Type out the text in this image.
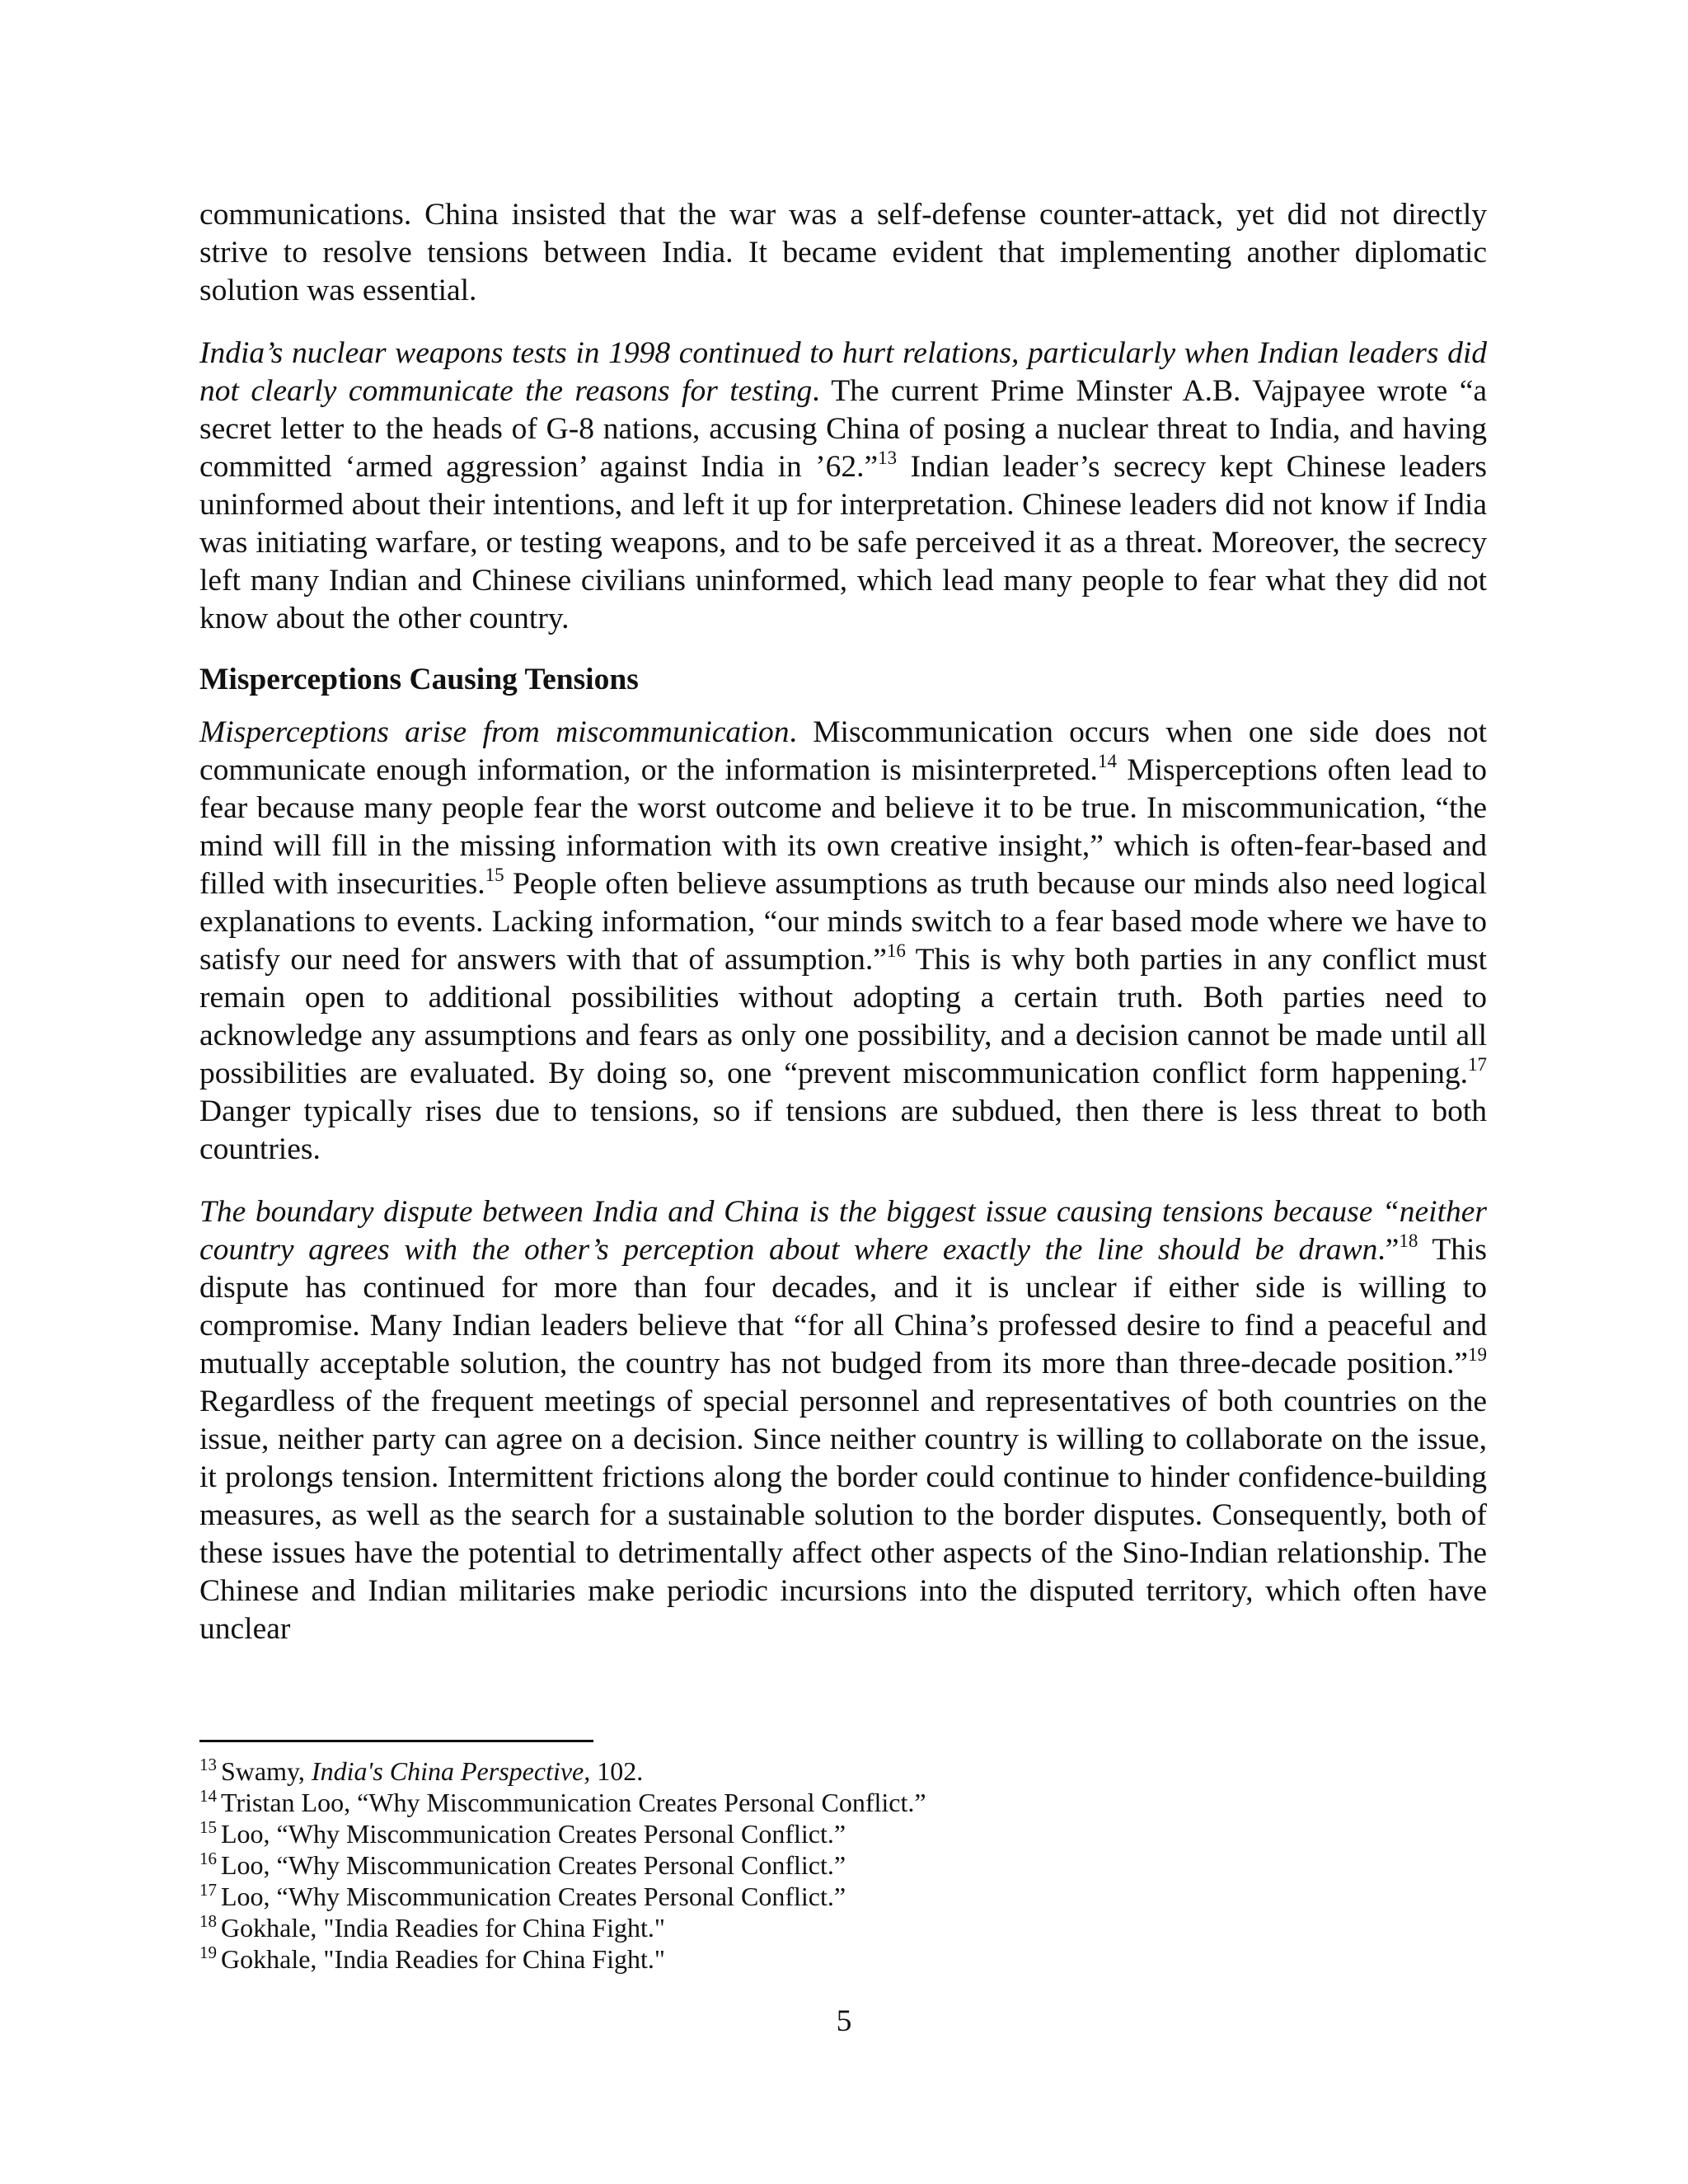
communications. China insisted that the war was a self-defense counter-attack, yet did not directly strive to resolve tensions between India. It became evident that implementing another diplomatic solution was essential.

India’s nuclear weapons tests in 1998 continued to hurt relations, particularly when Indian leaders did not clearly communicate the reasons for testing. The current Prime Minster A.B. Vajpayee wrote “a secret letter to the heads of G-8 nations, accusing China of posing a nuclear threat to India, and having committed ‘armed aggression’ against India in ’62.”$^{13}$ Indian leader’s secrecy kept Chinese leaders uninformed about their intentions, and left it up for interpretation. Chinese leaders did not know if India was initiating warfare, or testing weapons, and to be safe perceived it as a threat. Moreover, the secrecy left many Indian and Chinese civilians uninformed, which lead many people to fear what they did not know about the other country.

Misperceptions Causing Tensions

Misperceptions arise from miscommunication. Miscommunication occurs when one side does not communicate enough information, or the information is misinterpreted.$^{14}$ Misperceptions often lead to fear because many people fear the worst outcome and believe it to be true. In miscommunication, “the mind will fill in the missing information with its own creative insight,” which is often-fear-based and filled with insecurities.$^{15}$ People often believe assumptions as truth because our minds also need logical explanations to events. Lacking information, “our minds switch to a fear based mode where we have to satisfy our need for answers with that of assumption.”$^{16}$ This is why both parties in any conflict must remain open to additional possibilities without adopting a certain truth. Both parties need to acknowledge any assumptions and fears as only one possibility, and a decision cannot be made until all possibilities are evaluated. By doing so, one “prevent miscommunication conflict form happening.$^{17}$ Danger typically rises due to tensions, so if tensions are subdued, then there is less threat to both countries.

The boundary dispute between India and China is the biggest issue causing tensions because “neither country agrees with the other’s perception about where exactly the line should be drawn.”$^{18}$ This dispute has continued for more than four decades, and it is unclear if either side is willing to compromise. Many Indian leaders believe that “for all China’s professed desire to find a peaceful and mutually acceptable solution, the country has not budged from its more than three-decade position.”$^{19}$ Regardless of the frequent meetings of special personnel and representatives of both countries on the issue, neither party can agree on a decision. Since neither country is willing to collaborate on the issue, it prolongs tension. Intermittent frictions along the border could continue to hinder confidence-building measures, as well as the search for a sustainable solution to the border disputes. Consequently, both of these issues have the potential to detrimentally affect other aspects of the Sino-Indian relationship. The Chinese and Indian militaries make periodic incursions into the disputed territory, which often have unclear

$^{13}$ Swamy, India's China Perspective, 102.
$^{14}$ Tristan Loo, “Why Miscommunication Creates Personal Conflict.”
$^{15}$ Loo, “Why Miscommunication Creates Personal Conflict.”
$^{16}$ Loo, “Why Miscommunication Creates Personal Conflict.”
$^{17}$ Loo, “Why Miscommunication Creates Personal Conflict.”
$^{18}$ Gokhale, "India Readies for China Fight."
$^{19}$ Gokhale, "India Readies for China Fight."
5
